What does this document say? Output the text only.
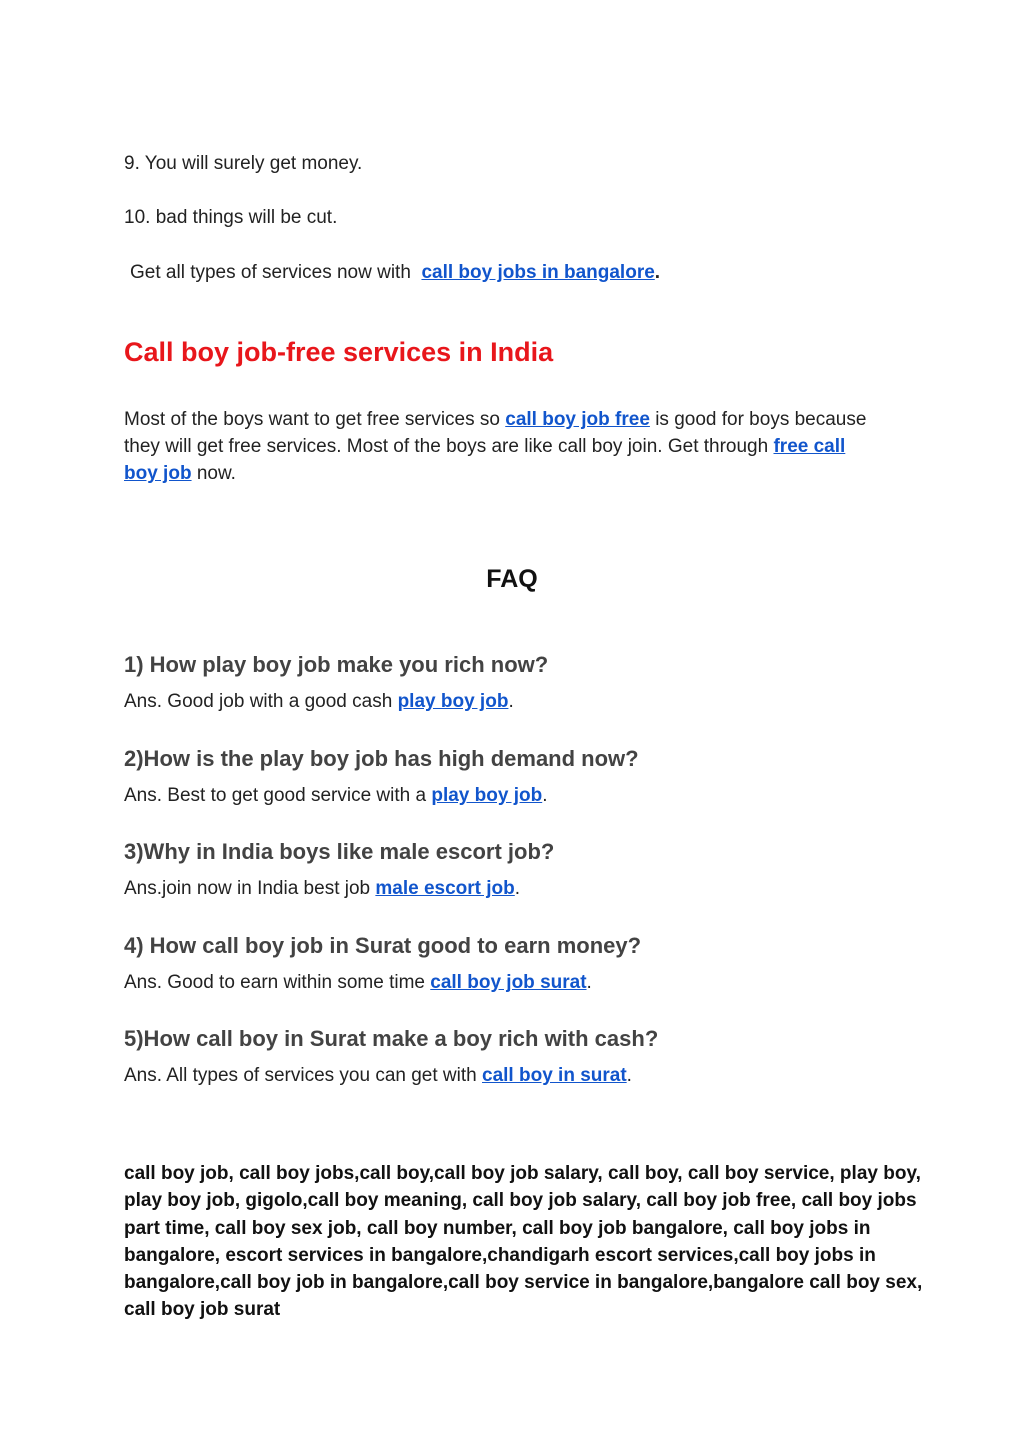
9. You will surely get money.

10. bad things will be cut.

Get all types of services now with call boy jobs in bangalore.

Call boy job-free services in India

Most of the boys want to get free services so call boy job free is good for boys because they will get free services. Most of the boys are like call boy join. Get through free call boy job now.

FAQ
1) How play boy job make you rich now?

Ans. Good job with a good cash play boy job.

2)How is the play boy job has high demand now?

Ans. Best to get good service with a play boy job.

3)Why in India boys like male escort job?

Ans.join now in India best job male escort job.

4) How call boy job in Surat good to earn money?

Ans. Good to earn within some time call boy job surat.

5)How call boy in Surat make a boy rich with cash?

Ans. All types of services you can get with call boy in surat.

call boy job, call boy jobs,call boy,call boy job salary, call boy, call boy service, play boy, play boy job, gigolo,call boy meaning, call boy job salary, call boy job free, call boy jobs part time, call boy sex job, call boy number, call boy job bangalore, call boy jobs in bangalore, escort services in bangalore,chandigarh escort services,call boy jobs in bangalore,call boy job in bangalore,call boy service in bangalore,bangalore call boy sex, call boy job surat
